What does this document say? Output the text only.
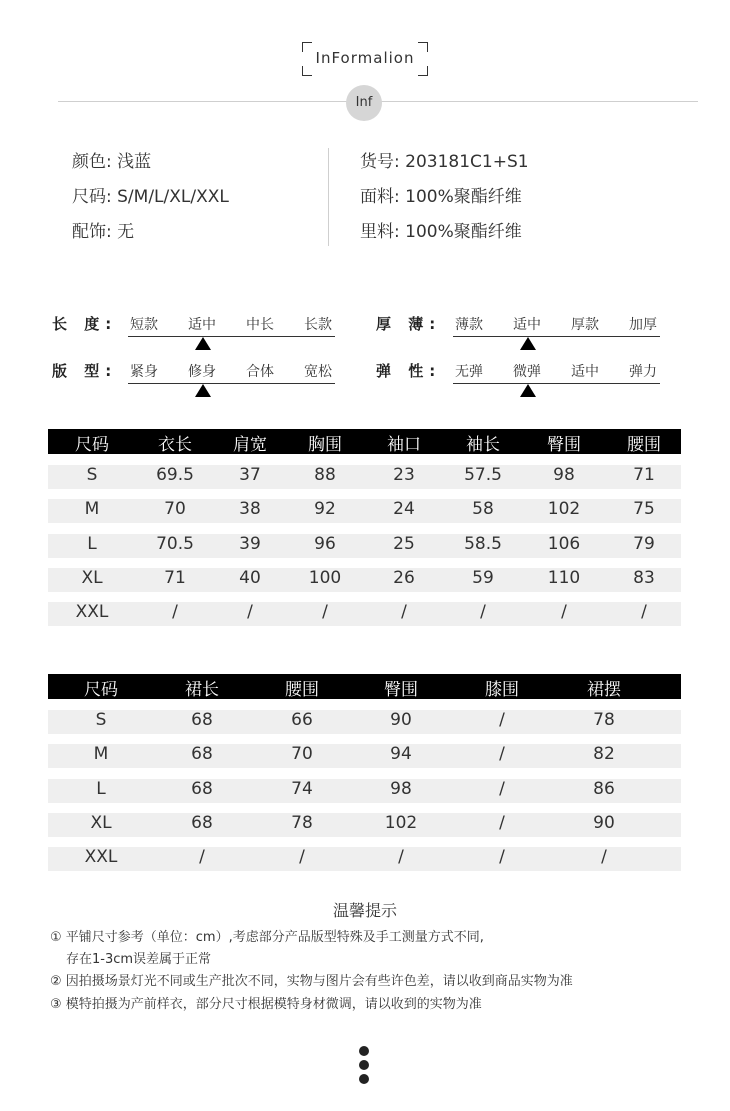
InFormalion
Inf
颜色: 浅蓝
尺码: S/M/L/XL/XXL
配饰: 无
货号: 203181C1+S1
面料: 100%聚酯纤维
里料: 100%聚酯纤维
长 度: 短款 适中 中长 长款	厚 薄: 薄款 适中 厚款 加厚
版 型: 紧身 修身 合体 宽松	弹 性: 无弹 微弹 适中 弹力
尺码	衣长	肩宽	胸围	袖口	袖长	臀围	腰围
S	69.5	37	88	23	57.5	98	71
M	70	38	92	24	58	102	75
L	70.5	39	96	25	58.5	106	79
XL	71	40	100	26	59	110	83
XXL	/	/	/	/	/	/	/
尺码	裙长	腰围	臀围	膝围	裙摆
S	68	66	90	/	78
M	68	70	94	/	82
L	68	74	98	/	86
XL	68	78	102	/	90
XXL	/	/	/	/	/
温馨提示
① 平铺尺寸参考（单位：cm）,考虑部分产品版型特殊及手工测量方式不同,
存在1-3cm误差属于正常
② 因拍摄场景灯光不同或生产批次不同，实物与图片会有些许色差，请以收到商品实物为准
③ 模特拍摄为产前样衣，部分尺寸根据模特身材微调，请以收到的实物为准
